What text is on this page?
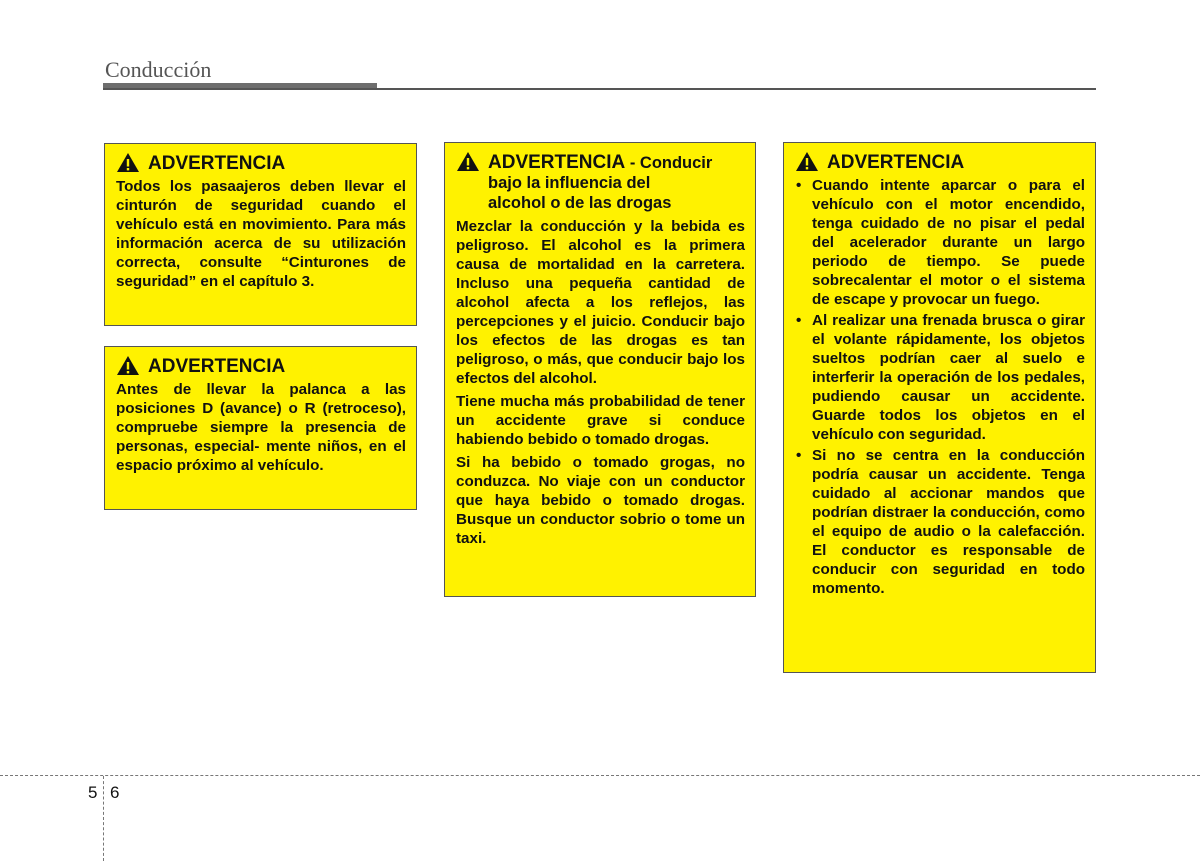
Conducción
ADVERTENCIA

Todos los pasaajeros deben llevar el cinturón de seguridad cuando el vehículo está en movimiento. Para más información acerca de su utilización correcta, consulte “Cinturones de seguridad” en el capítulo 3.

ADVERTENCIA

Antes de llevar la palanca a las posiciones D (avance) o R (retroceso), compruebe siempre la presencia de personas, especial- mente niños, en el espacio próximo al vehículo.

ADVERTENCIA - Conducir
bajo la influencia del
alcohol o de las drogas

Mezclar la conducción y la bebida es peligroso. El alcohol es la primera causa de mortalidad en la carretera. Incluso una pequeña cantidad de alcohol afecta a los reflejos, las percepciones y el juicio. Conducir bajo los efectos de las drogas es tan peligroso, o más, que conducir bajo los efectos del alcohol.

Tiene mucha más probabilidad de tener un accidente grave si conduce habiendo bebido o tomado drogas.

Si ha bebido o tomado grogas, no conduzca. No viaje con un conductor que haya bebido o tomado drogas. Busque un conductor sobrio o tome un taxi.

ADVERTENCIA
• Cuando intente aparcar o para el vehículo con el motor encendido, tenga cuidado de no pisar el pedal del acelerador durante un largo periodo de tiempo. Se puede sobrecalentar el motor o el sistema de escape y provocar un fuego.
• Al realizar una frenada brusca o girar el volante rápidamente, los objetos sueltos podrían caer al suelo e interferir la operación de los pedales, pudiendo causar un accidente. Guarde todos los objetos en el vehículo con seguridad.
• Si no se centra en la conducción podría causar un accidente. Tenga cuidado al accionar mandos que podrían distraer la conducción, como el equipo de audio o la calefacción. El conductor es responsable de conducir con seguridad en todo momento.
5 6
